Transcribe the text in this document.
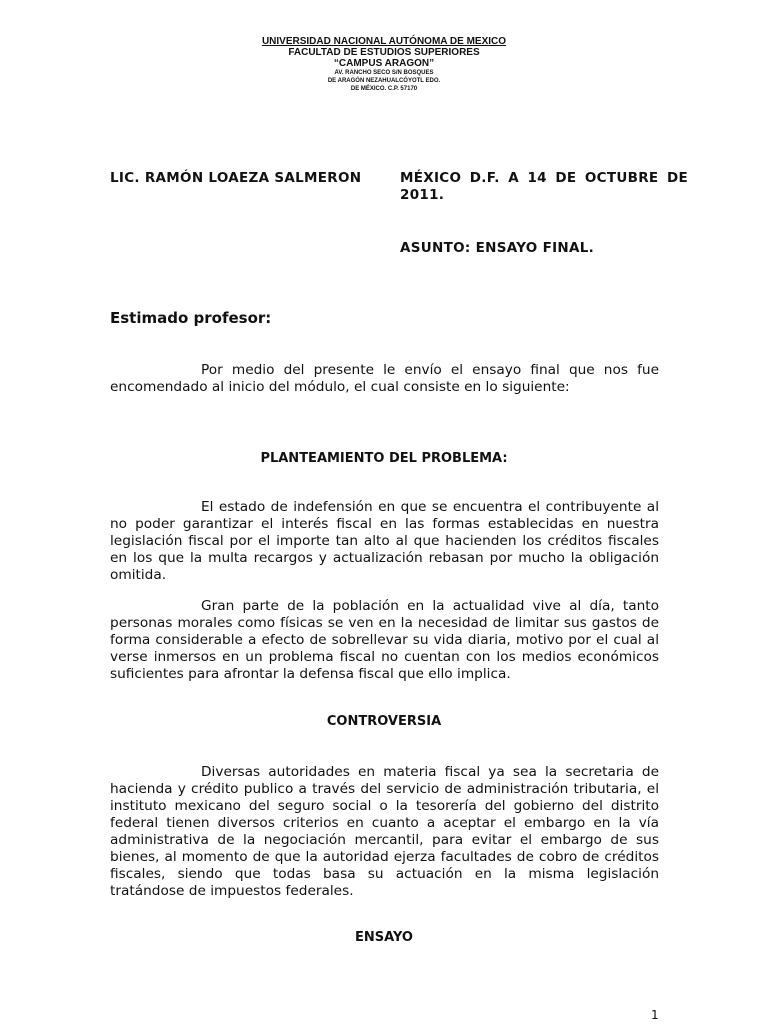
UNIVERSIDAD NACIONAL AUTÓNOMA DE MEXICO
FACULTAD DE ESTUDIOS SUPERIORES
“CAMPUS ARAGON”
AV. RANCHO SECO S/N BOSQUES
DE ARAGÓN NEZAHUALCÓYOTL EDO.
DE MÉXICO. C.P. 57170
LIC. RAMÓN LOAEZA SALMERON	MÉXICO D.F. A 14 DE OCTUBRE DE
2011.
ASUNTO: ENSAYO FINAL.
Estimado profesor:

Por medio del presente le envío el ensayo final que nos fue encomendado al inicio del módulo, el cual consiste en lo siguiente:

PLANTEAMIENTO DEL PROBLEMA:

El estado de indefensión en que se encuentra el contribuyente al no poder garantizar el interés fiscal en las formas establecidas en nuestra legislación fiscal por el importe tan alto al que hacienden los créditos fiscales en los que la multa recargos y actualización rebasan por mucho la obligación omitida.

Gran parte de la población en la actualidad vive al día, tanto personas morales como físicas se ven en la necesidad de limitar sus gastos de forma considerable a efecto de sobrellevar su vida diaria, motivo por el cual al verse inmersos en un problema fiscal no cuentan con los medios económicos suficientes para afrontar la defensa fiscal que ello implica.

CONTROVERSIA

Diversas autoridades en materia fiscal ya sea la secretaria de hacienda y crédito publico a través del servicio de administración tributaria, el instituto mexicano del seguro social o la tesorería del gobierno del distrito federal tienen diversos criterios en cuanto a aceptar el embargo en la vía administrativa de la negociación mercantil, para evitar el embargo de sus bienes, al momento de que la autoridad ejerza facultades de cobro de créditos fiscales, siendo que todas basa su actuación en la misma legislación tratándose de impuestos federales.

ENSAYO
1
